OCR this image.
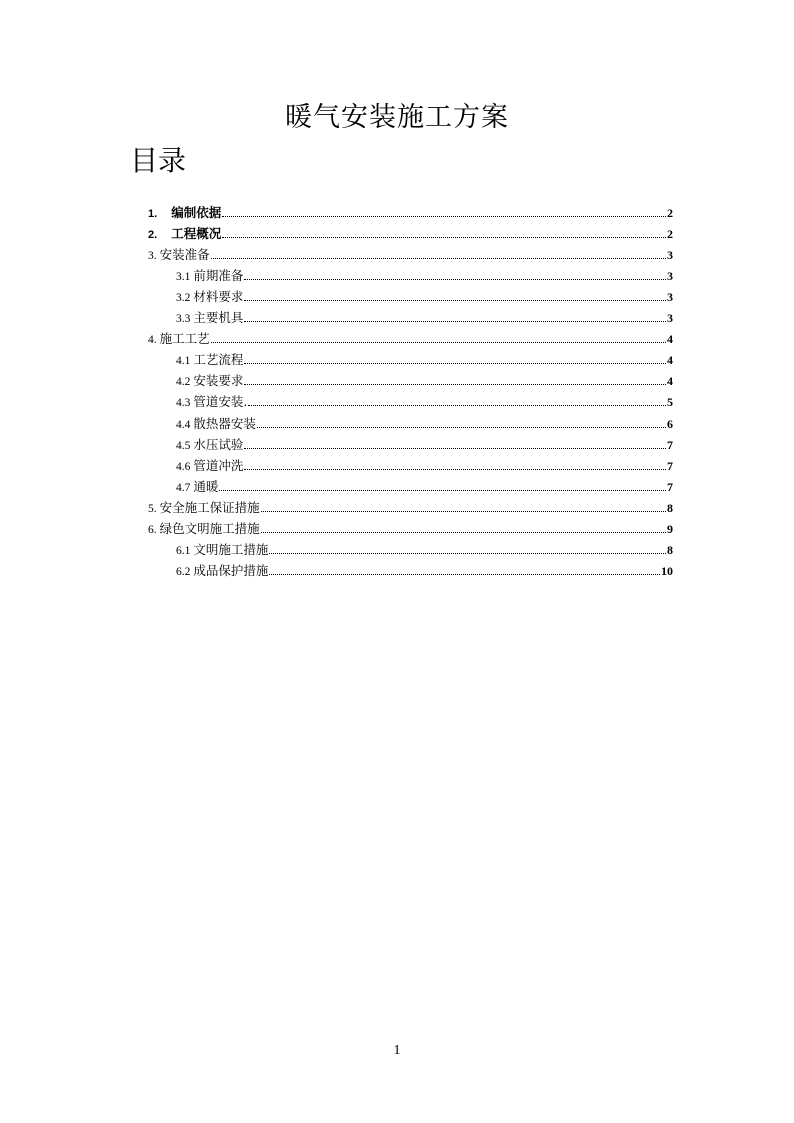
暖气安装施工方案
目录
1. 编制依据	2
2. 工程概况	2
3. 安装准备	3
3.1 前期准备	3
3.2 材料要求	3
3.3 主要机具	3
4. 施工工艺	4
4.1 工艺流程	4
4.2 安装要求	4
4.3 管道安装.	5
4.4 散热器安装	6
4.5 水压试验	7
4.6 管道冲洗	7
4.7 通暖	7
5. 安全施工保证措施	8
6. 绿色文明施工措施	9
6.1 文明施工措施	8
6.2 成品保护措施	10
1
